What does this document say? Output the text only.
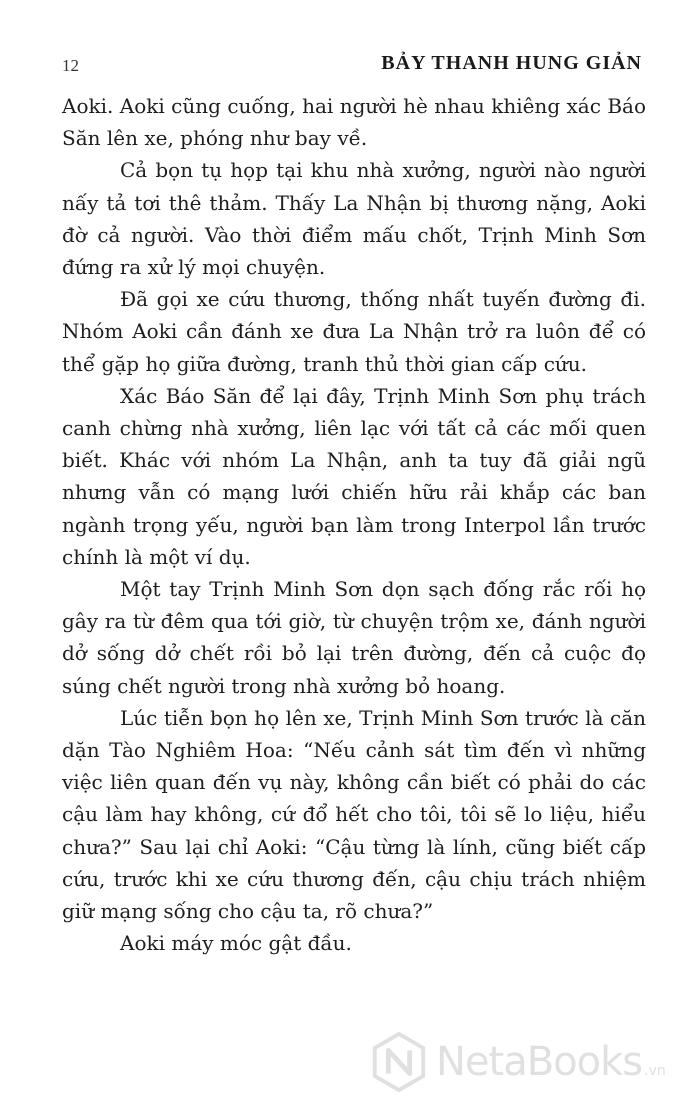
12	BẢY THANH HUNG GIẢN

Aoki. Aoki cũng cuống, hai người hè nhau khiêng xác Báo Săn lên xe, phóng như bay về.

Cả bọn tụ họp tại khu nhà xưởng, người nào người nấy tả tơi thê thảm. Thấy La Nhận bị thương nặng, Aoki đờ cả người. Vào thời điểm mấu chốt, Trịnh Minh Sơn đứng ra xử lý mọi chuyện.

Đã gọi xe cứu thương, thống nhất tuyến đường đi. Nhóm Aoki cần đánh xe đưa La Nhận trở ra luôn để có thể gặp họ giữa đường, tranh thủ thời gian cấp cứu.

Xác Báo Săn để lại đây, Trịnh Minh Sơn phụ trách canh chừng nhà xưởng, liên lạc với tất cả các mối quen biết. Khác với nhóm La Nhận, anh ta tuy đã giải ngũ nhưng vẫn có mạng lưới chiến hữu rải khắp các ban ngành trọng yếu, người bạn làm trong Interpol lần trước chính là một ví dụ.

Một tay Trịnh Minh Sơn dọn sạch đống rắc rối họ gây ra từ đêm qua tới giờ, từ chuyện trộm xe, đánh người dở sống dở chết rồi bỏ lại trên đường, đến cả cuộc đọ súng chết người trong nhà xưởng bỏ hoang.

Lúc tiễn bọn họ lên xe, Trịnh Minh Sơn trước là căn dặn Tào Nghiêm Hoa: “Nếu cảnh sát tìm đến vì những việc liên quan đến vụ này, không cần biết có phải do các cậu làm hay không, cứ đổ hết cho tôi, tôi sẽ lo liệu, hiểu chưa?” Sau lại chỉ Aoki: “Cậu từng là lính, cũng biết cấp cứu, trước khi xe cứu thương đến, cậu chịu trách nhiệm giữ mạng sống cho cậu ta, rõ chưa?”

Aoki máy móc gật đầu.

NetaBooks .vn
